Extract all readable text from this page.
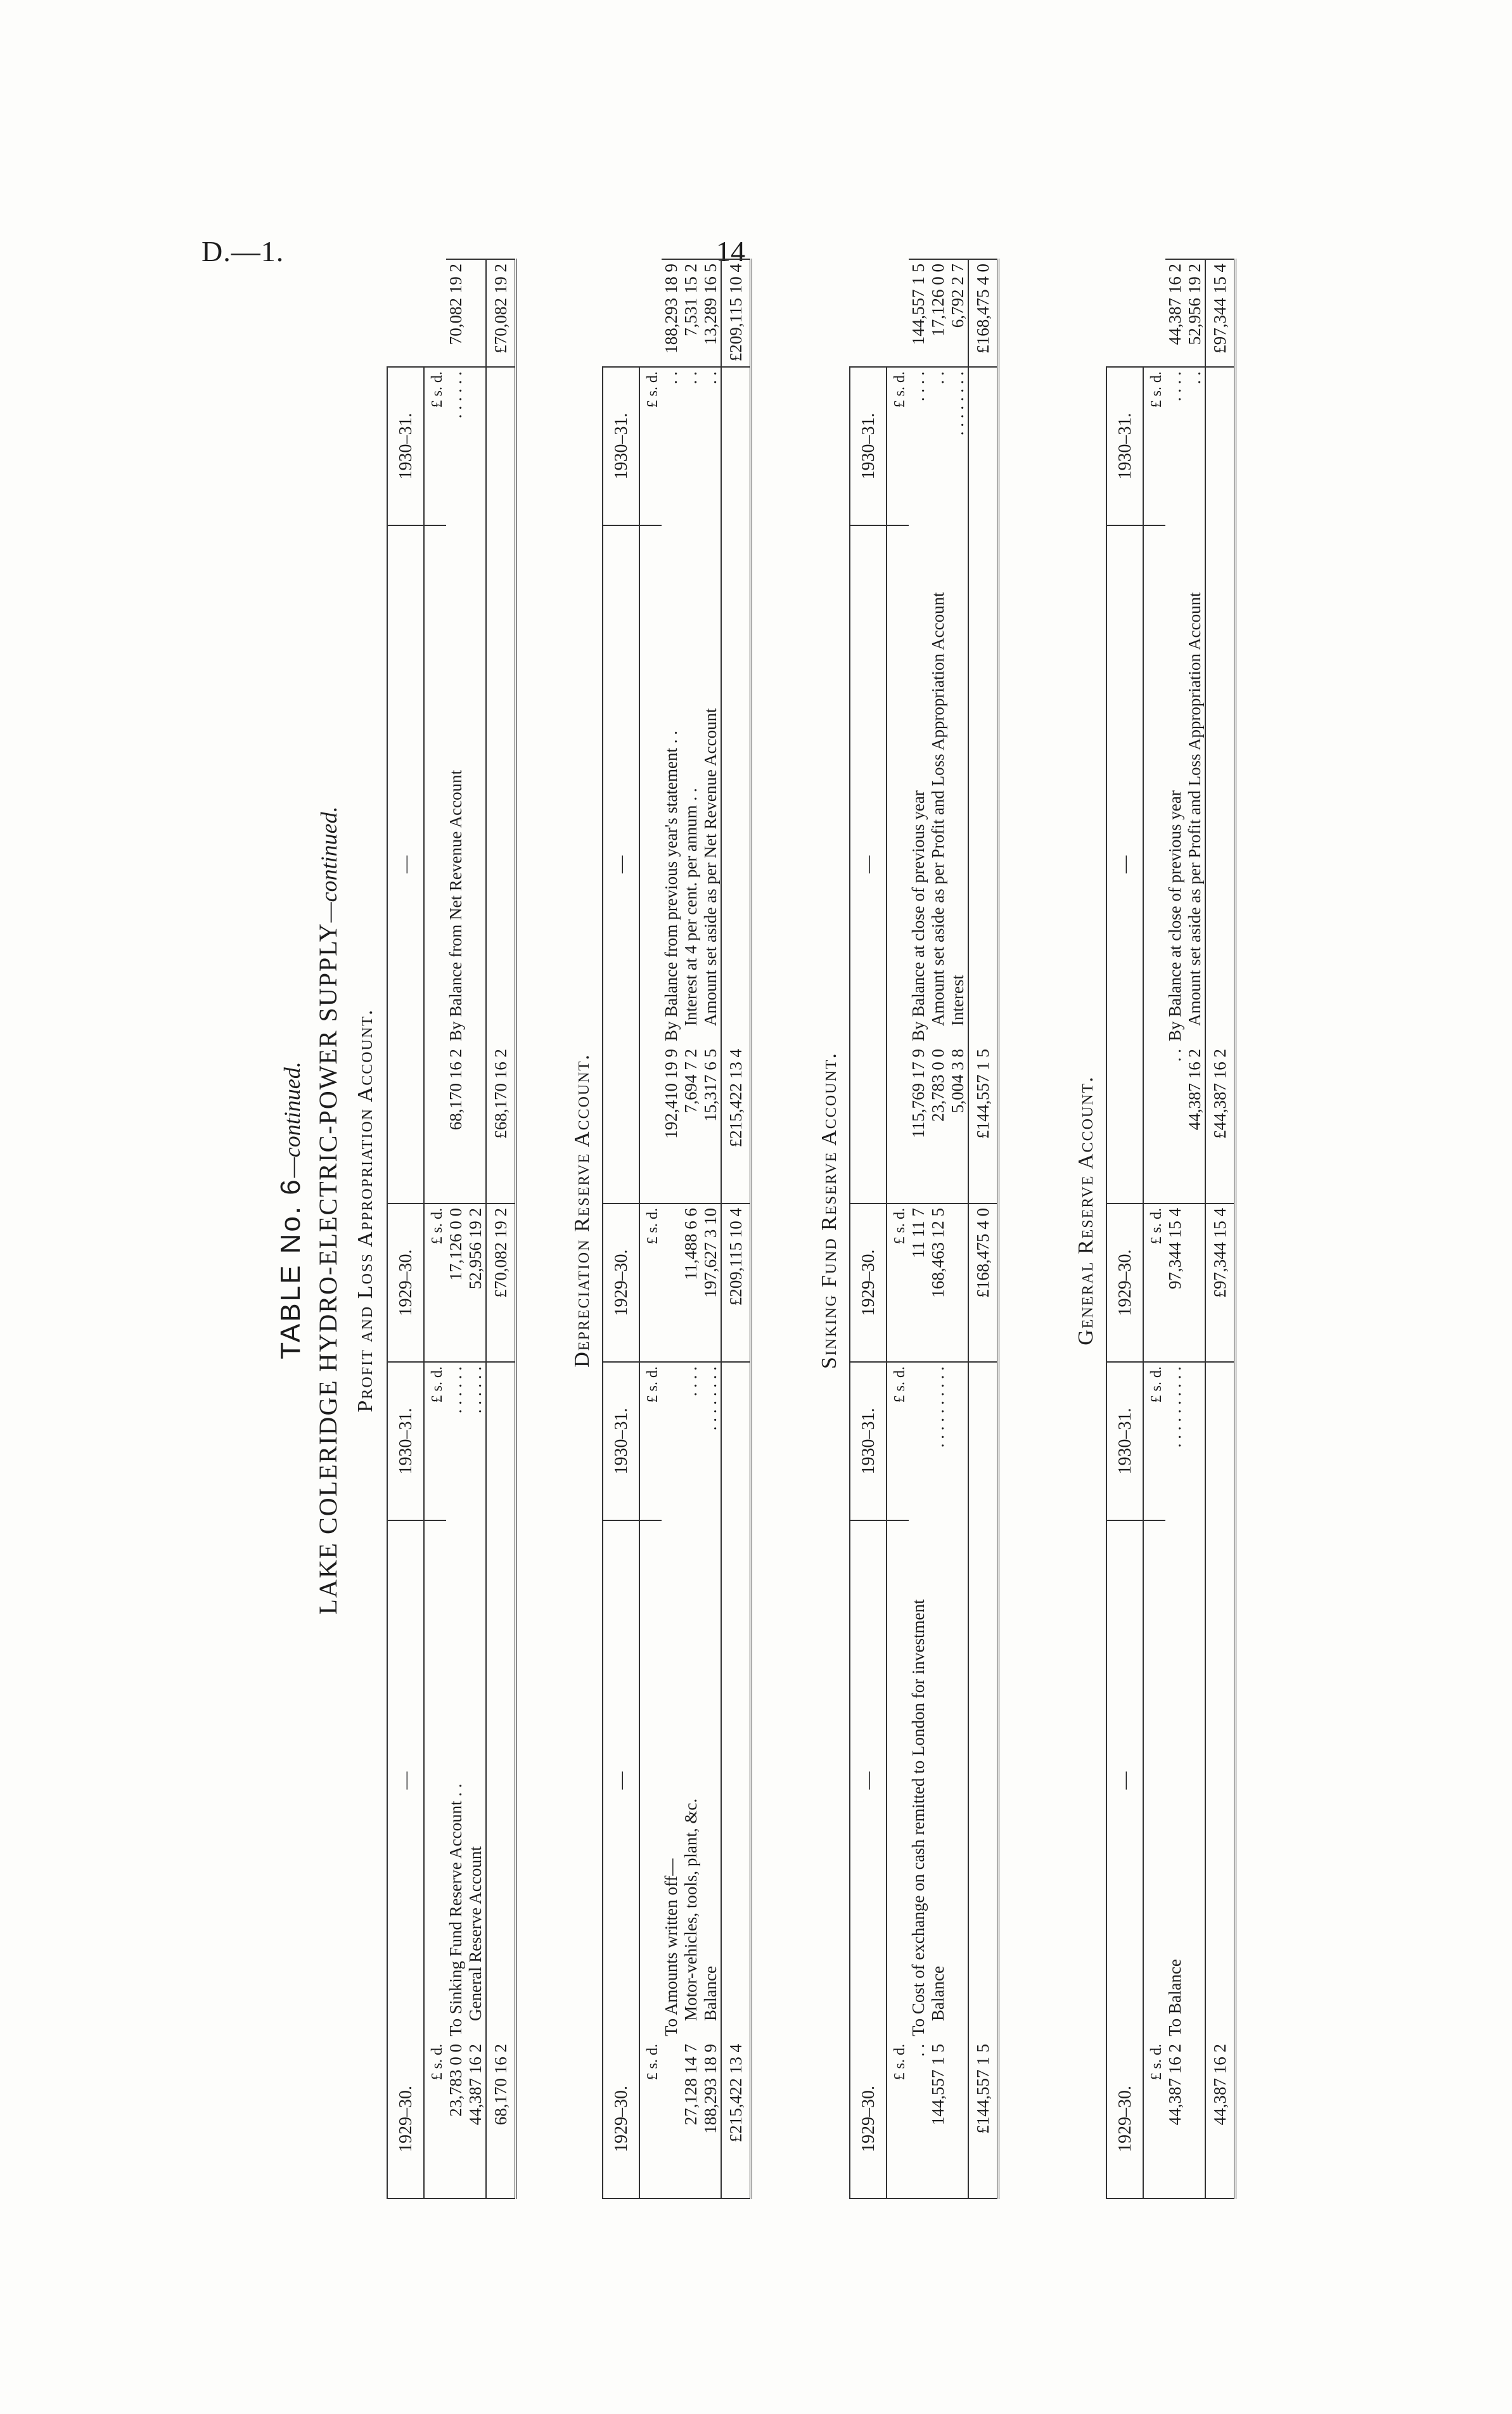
D.—1.	14
TABLE No. 6—continued. LAKE COLERIDGE HYDRO-ELECTRIC-POWER SUPPLY—continued.
Profit and Loss Appropriation Account.
1929–30.	—	1930–31.	1929–30.	—		1930–31.	
£ s. d.		£ s. d.	£ s. d.			£ s. d.	
23,783 0 0	To Sinking Fund Reserve Account . .	. . . . . .	17,126 0 0	68,170 16 2	By Balance from Net Revenue Account	. . . . . .	70,082 19 2
44,387 16 2	General Reserve Account	. . . . . .	52,956 19 2				
68,170 16 2			£70,082 19 2	£68,170 16 2			£70,082 19 2
Depreciation Reserve Account.
1929–30.	—	1930–31.	1929–30.	—		1930–31.	
£ s. d.		£ s. d.	£ s. d.			£ s. d.	
	To Amounts written off—			192,410 19 9	By Balance from previous year's statement . .	. .	188,293 18 9
27,128 14 7	Motor-vehicles, tools, plant, &c.	. . . .	11,488 6 6	7,694 7 2	Interest at 4 per cent. per annum . .	. .	7,531 15 2
188,293 18 9	Balance	. . . . . . . .	197,627 3 10	15,317 6 5	Amount set aside as per Net Revenue Account	. .	13,289 16 5
£215,422 13 4			£209,115 10 4	£215,422 13 4			£209,115 10 4
Sinking Fund Reserve Account.
1929–30.	—	1930–31.	1929–30.	—		1930–31.	
£ s. d.		£ s. d.	£ s. d.			£ s. d.	
. .	To Cost of exchange on cash remitted to London for investment		11 11 7	115,769 17 9	By Balance at close of previous year	. . . .	144,557 1 5
144,557 1 5	Balance	. . . . . . . . . .	168,463 12 5	23,783 0 0	Amount set aside as per Profit and Loss Appropriation Account	. .	17,126 0 0
				5,004 3 8	Interest	. . . . . . . .	6,792 2 7
£144,557 1 5			£168,475 4 0	£144,557 1 5			£168,475 4 0
General Reserve Account.
1929–30.	—	1930–31.	1929–30.	—		1930–31.	
£ s. d.		£ s. d.	£ s. d.			£ s. d.	
44,387 16 2	To Balance	. . . . . . . . . .	97,344 15 4	. .	By Balance at close of previous year	. . . .	44,387 16 2
				44,387 16 2	Amount set aside as per Profit and Loss Appropriation Account	. .	52,956 19 2
44,387 16 2			£97,344 15 4	£44,387 16 2			£97,344 15 4
